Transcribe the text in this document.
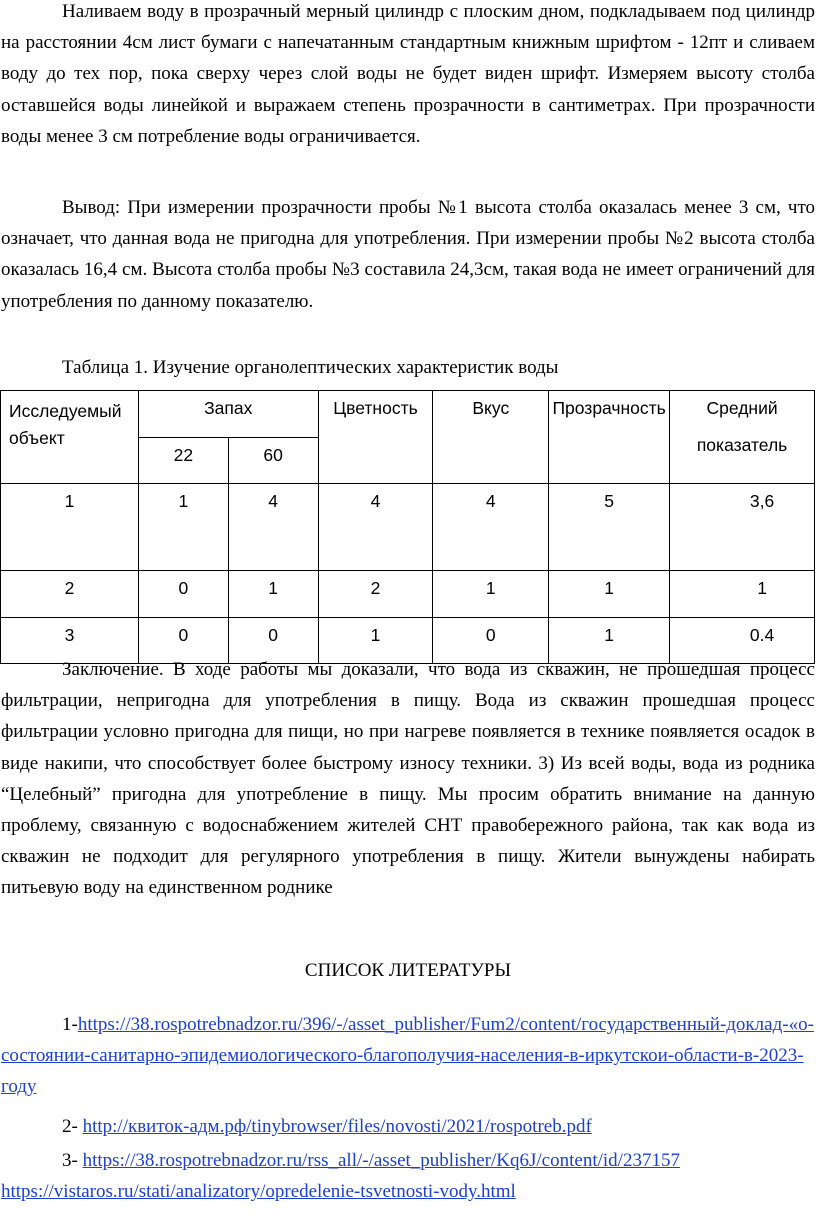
Наливаем воду в прозрачный мерный цилиндр с плоским дном, подкладываем под цилиндр на расстоянии 4см лист бумаги с напечатанным стандартным книжным шрифтом - 12пт и сливаем воду до тех пор, пока сверху через слой воды не будет виден шрифт. Измеряем высоту столба оставшейся воды линейкой и выражаем степень прозрачности в сантиметрах. При прозрачности воды менее 3 см потребление воды ограничивается.

Вывод: При измерении прозрачности пробы №1 высота столба оказалась менее 3 см, что означает, что данная вода не пригодна для употребления. При измерении пробы №2 высота столба оказалась 16,4 см. Высота столба пробы №3 составила 24,3см, такая вода не имеет ограничений для употребления по данному показателю.

Таблица 1. Изучение органолептических характеристик воды

Исследуемый объект	Запах		Цветность	Вкус	Прозрачность	Средний
показатель

	22	60				

1	1	4	4	4	5	3,6

2	0	1	2	1	1	1

3	0	0	1	0	1	0.4

Заключение. В ходе работы мы доказали, что вода из скважин, не прошедшая процесс фильтрации, непригодна для употребления в пищу. Вода из скважин прошедшая процесс фильтрации условно пригодна для пищи, но при нагреве появляется в технике появляется осадок в виде накипи, что способствует более быстрому износу техники. 3) Из всей воды, вода из родника “Целебный” пригодна для употребление в пищу. Мы просим обратить внимание на данную проблему, связанную с водоснабжением жителей СНТ правобережного района, так как вода из скважин не подходит для регулярного употребления в пищу. Жители вынуждены набирать питьевую воду на единственном роднике

СПИСОК ЛИТЕРАТУРЫ

1-https://38.rospotrebnadzor.ru/396/-/asset_publisher/Fum2/content/государственный-доклад-«о-состоянии-санитарно-эпидемиологического-благополучия-населения-в-иркутскои-области-в-2023-году

2- http://квиток-адм.рф/tinybrowser/files/novosti/2021/rospotreb.pdf

3- https://38.rospotrebnadzor.ru/rss_all/-/asset_publisher/Kq6J/content/id/237157
https://vistaros.ru/stati/analizatory/opredelenie-tsvetnosti-vody.html
